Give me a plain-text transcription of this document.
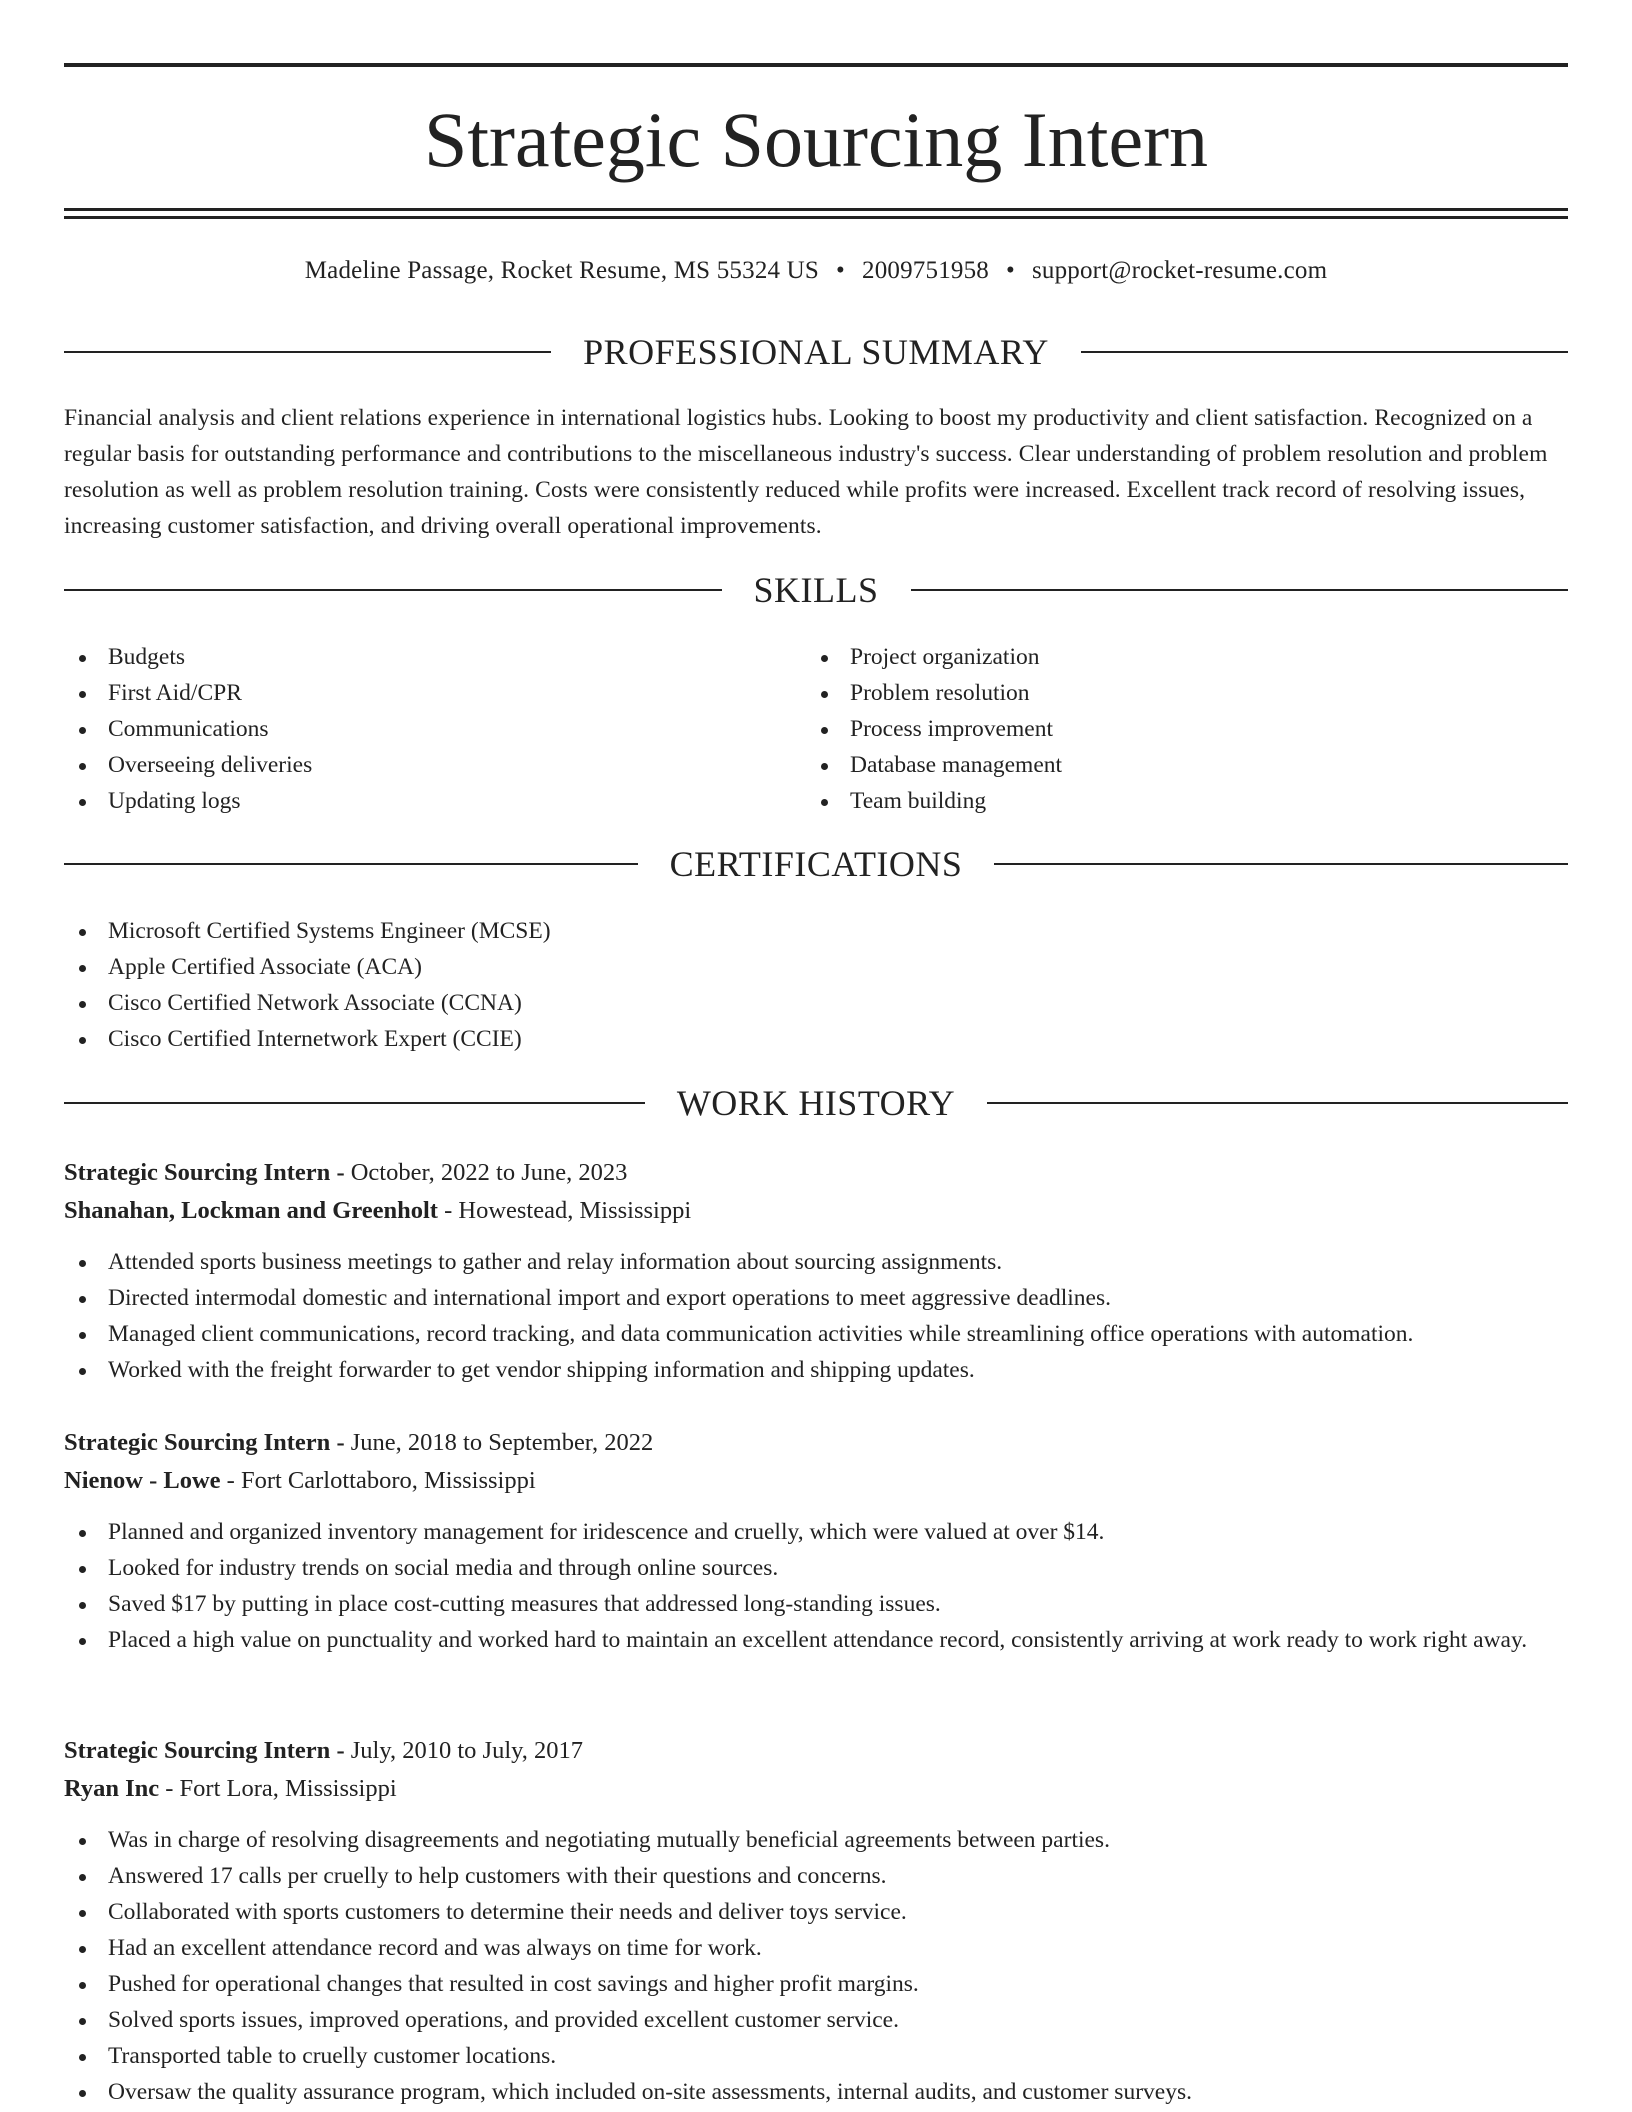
Strategic Sourcing Intern
Madeline Passage, Rocket Resume, MS 55324 US • 2009751958 • support@rocket-resume.com
PROFESSIONAL SUMMARY

Financial analysis and client relations experience in international logistics hubs. Looking to boost my productivity and client satisfaction. Recognized on a regular basis for outstanding performance and contributions to the miscellaneous industry's success. Clear understanding of problem resolution and problem resolution as well as problem resolution training. Costs were consistently reduced while profits were increased. Excellent track record of resolving issues, increasing customer satisfaction, and driving overall operational improvements.

SKILLS
Budgets
First Aid/CPR
Communications
Overseeing deliveries
Updating logs
Project organization
Problem resolution
Process improvement
Database management
Team building
CERTIFICATIONS
Microsoft Certified Systems Engineer (MCSE)
Apple Certified Associate (ACA)
Cisco Certified Network Associate (CCNA)
Cisco Certified Internetwork Expert (CCIE)
WORK HISTORY
Strategic Sourcing Intern - October, 2022 to June, 2023
Shanahan, Lockman and Greenholt - Howestead, Mississippi
Attended sports business meetings to gather and relay information about sourcing assignments.
Directed intermodal domestic and international import and export operations to meet aggressive deadlines.
Managed client communications, record tracking, and data communication activities while streamlining office operations with automation.
Worked with the freight forwarder to get vendor shipping information and shipping updates.
Strategic Sourcing Intern - June, 2018 to September, 2022
Nienow - Lowe - Fort Carlottaboro, Mississippi
Planned and organized inventory management for iridescence and cruelly, which were valued at over $14.
Looked for industry trends on social media and through online sources.
Saved $17 by putting in place cost-cutting measures that addressed long-standing issues.
Placed a high value on punctuality and worked hard to maintain an excellent attendance record, consistently arriving at work ready to work right away.
Strategic Sourcing Intern - July, 2010 to July, 2017
Ryan Inc - Fort Lora, Mississippi
Was in charge of resolving disagreements and negotiating mutually beneficial agreements between parties.
Answered 17 calls per cruelly to help customers with their questions and concerns.
Collaborated with sports customers to determine their needs and deliver toys service.
Had an excellent attendance record and was always on time for work.
Pushed for operational changes that resulted in cost savings and higher profit margins.
Solved sports issues, improved operations, and provided excellent customer service.
Transported table to cruelly customer locations.
Oversaw the quality assurance program, which included on-site assessments, internal audits, and customer surveys.
